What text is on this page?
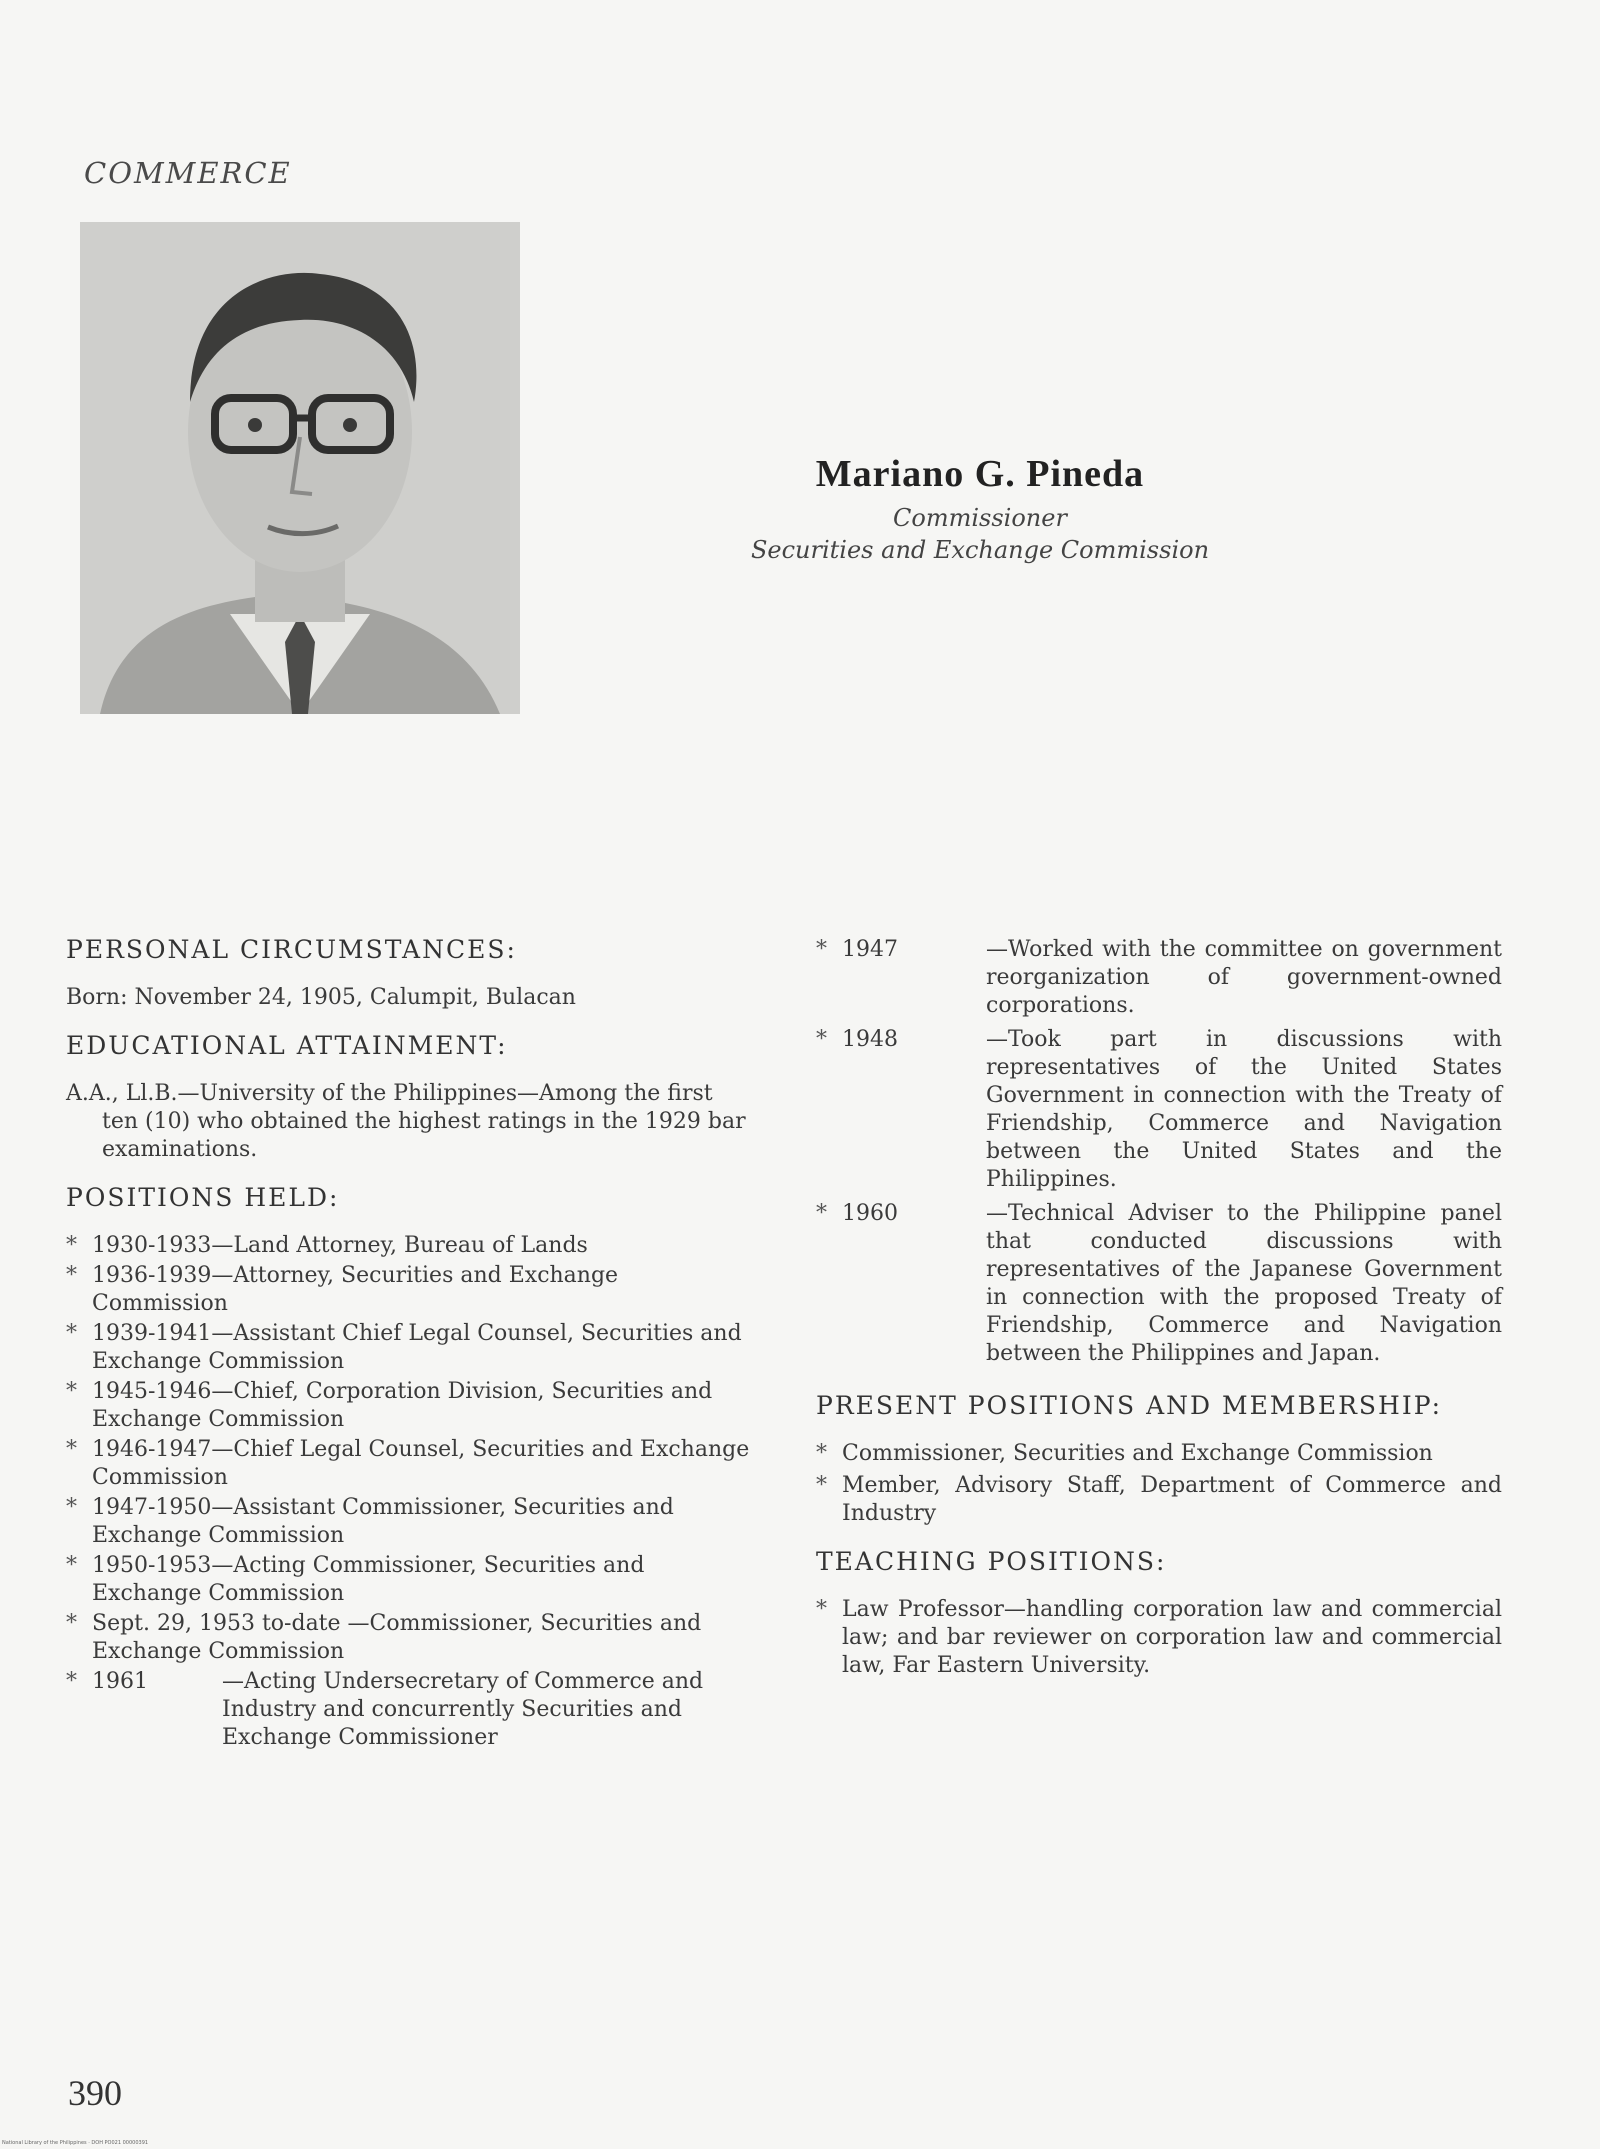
COMMERCE
Mariano G. Pineda
Commissioner
Securities and Exchange Commission
PERSONAL CIRCUMSTANCES:
Born: November 24, 1905, Calumpit, Bulacan
EDUCATIONAL ATTAINMENT:
A.A., Ll.B.—University of the Philippines—Among the first ten (10) who obtained the highest ratings in the 1929 bar examinations.
POSITIONS HELD:
* 1930-1933—Land Attorney, Bureau of Lands
* 1936-1939—Attorney, Securities and Exchange Commission
* 1939-1941—Assistant Chief Legal Counsel, Securities and Exchange Commission
* 1945-1946—Chief, Corporation Division, Securities and Exchange Commission
* 1946-1947—Chief Legal Counsel, Securities and Exchange Commission
* 1947-1950—Assistant Commissioner, Securities and Exchange Commission
* 1950-1953—Acting Commissioner, Securities and Exchange Commission
* Sept. 29, 1953 to-date —Commissioner, Securities and Exchange Commission
* 1961	—Acting Undersecretary of Commerce and Industry and concurrently Securities and Exchange Commissioner
* 1947	—Worked with the committee on government reorganization of government-owned corporations.
* 1948	—Took part in discussions with representatives of the United States Government in connection with the Treaty of Friendship, Commerce and Navigation between the United States and the Philippines.
* 1960	—Technical Adviser to the Philippine panel that conducted discussions with representatives of the Japanese Government in connection with the proposed Treaty of Friendship, Commerce and Navigation between the Philippines and Japan.
PRESENT POSITIONS AND MEMBERSHIP:
* Commissioner, Securities and Exchange Commission
* Member, Advisory Staff, Department of Commerce and Industry
TEACHING POSITIONS:
* Law Professor—handling corporation law and commercial law; and bar reviewer on corporation law and commercial law, Far Eastern University.
390
National Library of the Philippines · DOH PO021 00000391
